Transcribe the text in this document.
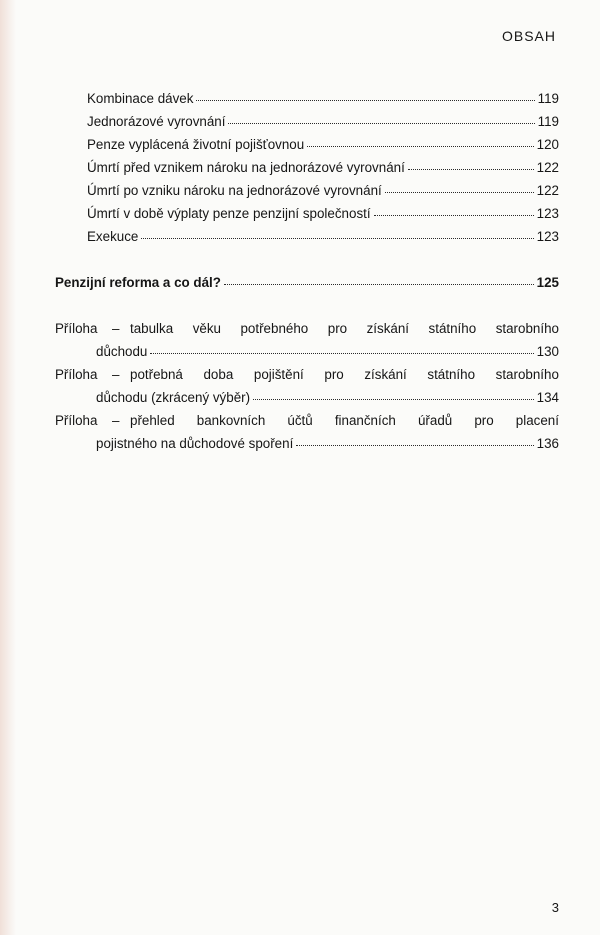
OBSAH
Kombinace dávek	119
Jednorázové vyrovnání	119
Penze vyplácená životní pojišťovnou	120
Úmrtí před vznikem nároku na jednorázové vyrovnání	122
Úmrtí po vzniku nároku na jednorázové vyrovnání	122
Úmrtí v době výplaty penze penzijní společností	123
Exekuce	123
Penzijní reforma a co dál?	125
Příloha – tabulka věku potřebného pro získání státního starobního
důchodu	130
Příloha – potřebná doba pojištění pro získání státního starobního
důchodu (zkrácený výběr)	134
Příloha – přehled bankovních účtů finančních úřadů pro placení
pojistného na důchodové spoření	136
3
